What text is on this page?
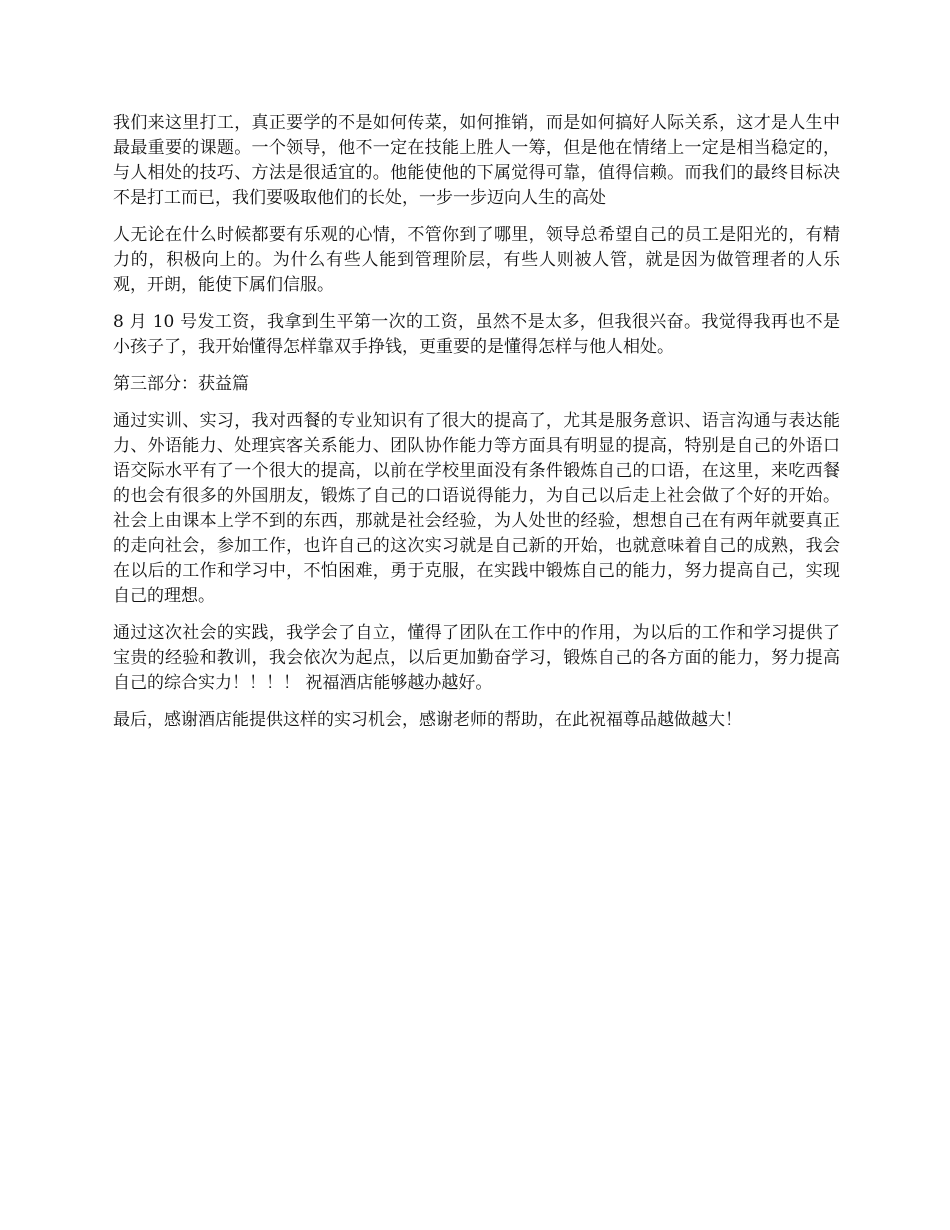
我们来这里打工，真正要学的不是如何传菜，如何推销，而是如何搞好人际关系，这才是人生中最最重要的课题。一个领导，他不一定在技能上胜人一筹，但是他在情绪上一定是相当稳定的，与人相处的技巧、方法是很适宜的。他能使他的下属觉得可靠，值得信赖。而我们的最终目标决不是打工而已，我们要吸取他们的长处，一步一步迈向人生的高处

人无论在什么时候都要有乐观的心情，不管你到了哪里，领导总希望自己的员工是阳光的，有精力的，积极向上的。为什么有些人能到管理阶层，有些人则被人管，就是因为做管理者的人乐观，开朗，能使下属们信服。

8 月 10 号发工资，我拿到生平第一次的工资，虽然不是太多，但我很兴奋。我觉得我再也不是小孩子了，我开始懂得怎样靠双手挣钱，更重要的是懂得怎样与他人相处。

第三部分：获益篇

通过实训、实习，我对西餐的专业知识有了很大的提高了，尤其是服务意识、语言沟通与表达能力、外语能力、处理宾客关系能力、团队协作能力等方面具有明显的提高，特别是自己的外语口语交际水平有了一个很大的提高，以前在学校里面没有条件锻炼自己的口语，在这里，来吃西餐的也会有很多的外国朋友，锻炼了自己的口语说得能力，为自己以后走上社会做了个好的开始。社会上由课本上学不到的东西，那就是社会经验，为人处世的经验，想想自己在有两年就要真正的走向社会，参加工作，也许自己的这次实习就是自己新的开始，也就意味着自己的成熟，我会在以后的工作和学习中，不怕困难，勇于克服，在实践中锻炼自己的能力，努力提高自己，实现自己的理想。

通过这次社会的实践，我学会了自立，懂得了团队在工作中的作用，为以后的工作和学习提供了宝贵的经验和教训，我会依次为起点，以后更加勤奋学习，锻炼自己的各方面的能力，努力提高自己的综合实力！！！！ 祝福酒店能够越办越好。

最后，感谢酒店能提供这样的实习机会，感谢老师的帮助，在此祝福尊品越做越大！
